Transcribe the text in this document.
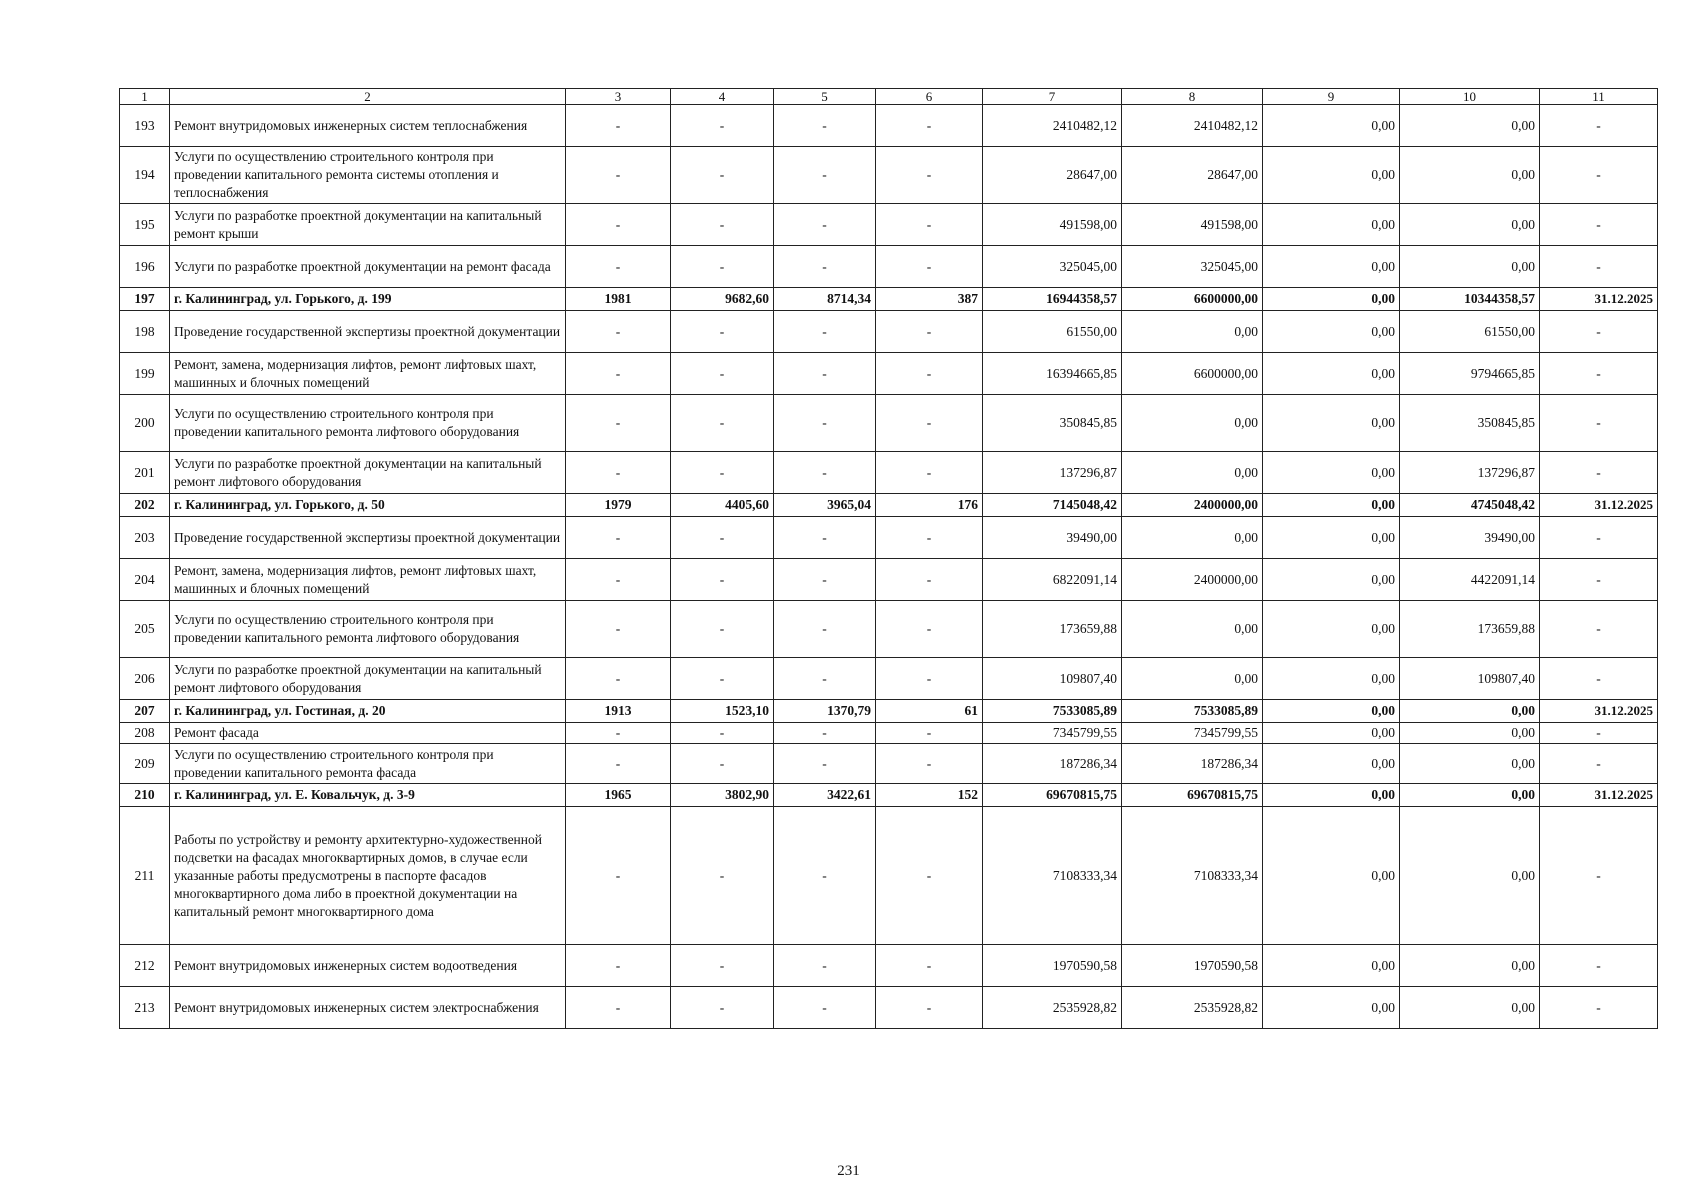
1	2	3	4	5	6	7	8	9	10	11
193	Ремонт внутридомовых инженерных систем теплоснабжения	-	-	-	-	2410482,12	2410482,12	0,00	0,00	-
194	Услуги по осуществлению строительного контроля при проведении капитального ремонта системы отопления и теплоснабжения	-	-	-	-	28647,00	28647,00	0,00	0,00	-
195	Услуги по разработке проектной документации на капитальный ремонт крыши	-	-	-	-	491598,00	491598,00	0,00	0,00	-
196	Услуги по разработке проектной документации на ремонт фасада	-	-	-	-	325045,00	325045,00	0,00	0,00	-
197	г. Калининград, ул. Горького, д. 199	1981	9682,60	8714,34	387	16944358,57	6600000,00	0,00	10344358,57	31.12.2025
198	Проведение государственной экспертизы проектной документации	-	-	-	-	61550,00	0,00	0,00	61550,00	-
199	Ремонт, замена, модернизация лифтов, ремонт лифтовых шахт, машинных и блочных помещений	-	-	-	-	16394665,85	6600000,00	0,00	9794665,85	-
200	Услуги по осуществлению строительного контроля при проведении капитального ремонта лифтового оборудования	-	-	-	-	350845,85	0,00	0,00	350845,85	-
201	Услуги по разработке проектной документации на капитальный ремонт лифтового оборудования	-	-	-	-	137296,87	0,00	0,00	137296,87	-
202	г. Калининград, ул. Горького, д. 50	1979	4405,60	3965,04	176	7145048,42	2400000,00	0,00	4745048,42	31.12.2025
203	Проведение государственной экспертизы проектной документации	-	-	-	-	39490,00	0,00	0,00	39490,00	-
204	Ремонт, замена, модернизация лифтов, ремонт лифтовых шахт, машинных и блочных помещений	-	-	-	-	6822091,14	2400000,00	0,00	4422091,14	-
205	Услуги по осуществлению строительного контроля при проведении капитального ремонта лифтового оборудования	-	-	-	-	173659,88	0,00	0,00	173659,88	-
206	Услуги по разработке проектной документации на капитальный ремонт лифтового оборудования	-	-	-	-	109807,40	0,00	0,00	109807,40	-
207	г. Калининград, ул. Гостиная, д. 20	1913	1523,10	1370,79	61	7533085,89	7533085,89	0,00	0,00	31.12.2025
208	Ремонт фасада	-	-	-	-	7345799,55	7345799,55	0,00	0,00	-
209	Услуги по осуществлению строительного контроля при проведении капитального ремонта фасада	-	-	-	-	187286,34	187286,34	0,00	0,00	-
210	г. Калининград, ул. Е. Ковальчук, д. 3-9	1965	3802,90	3422,61	152	69670815,75	69670815,75	0,00	0,00	31.12.2025
211	Работы по устройству и ремонту архитектурно-художественной подсветки на фасадах многоквартирных домов, в случае если указанные работы предусмотрены в паспорте фасадов многоквартирного дома либо в проектной документации на капитальный ремонт многоквартирного дома	-	-	-	-	7108333,34	7108333,34	0,00	0,00	-
212	Ремонт внутридомовых инженерных систем водоотведения	-	-	-	-	1970590,58	1970590,58	0,00	0,00	-
213	Ремонт внутридомовых инженерных систем электроснабжения	-	-	-	-	2535928,82	2535928,82	0,00	0,00	-
231
